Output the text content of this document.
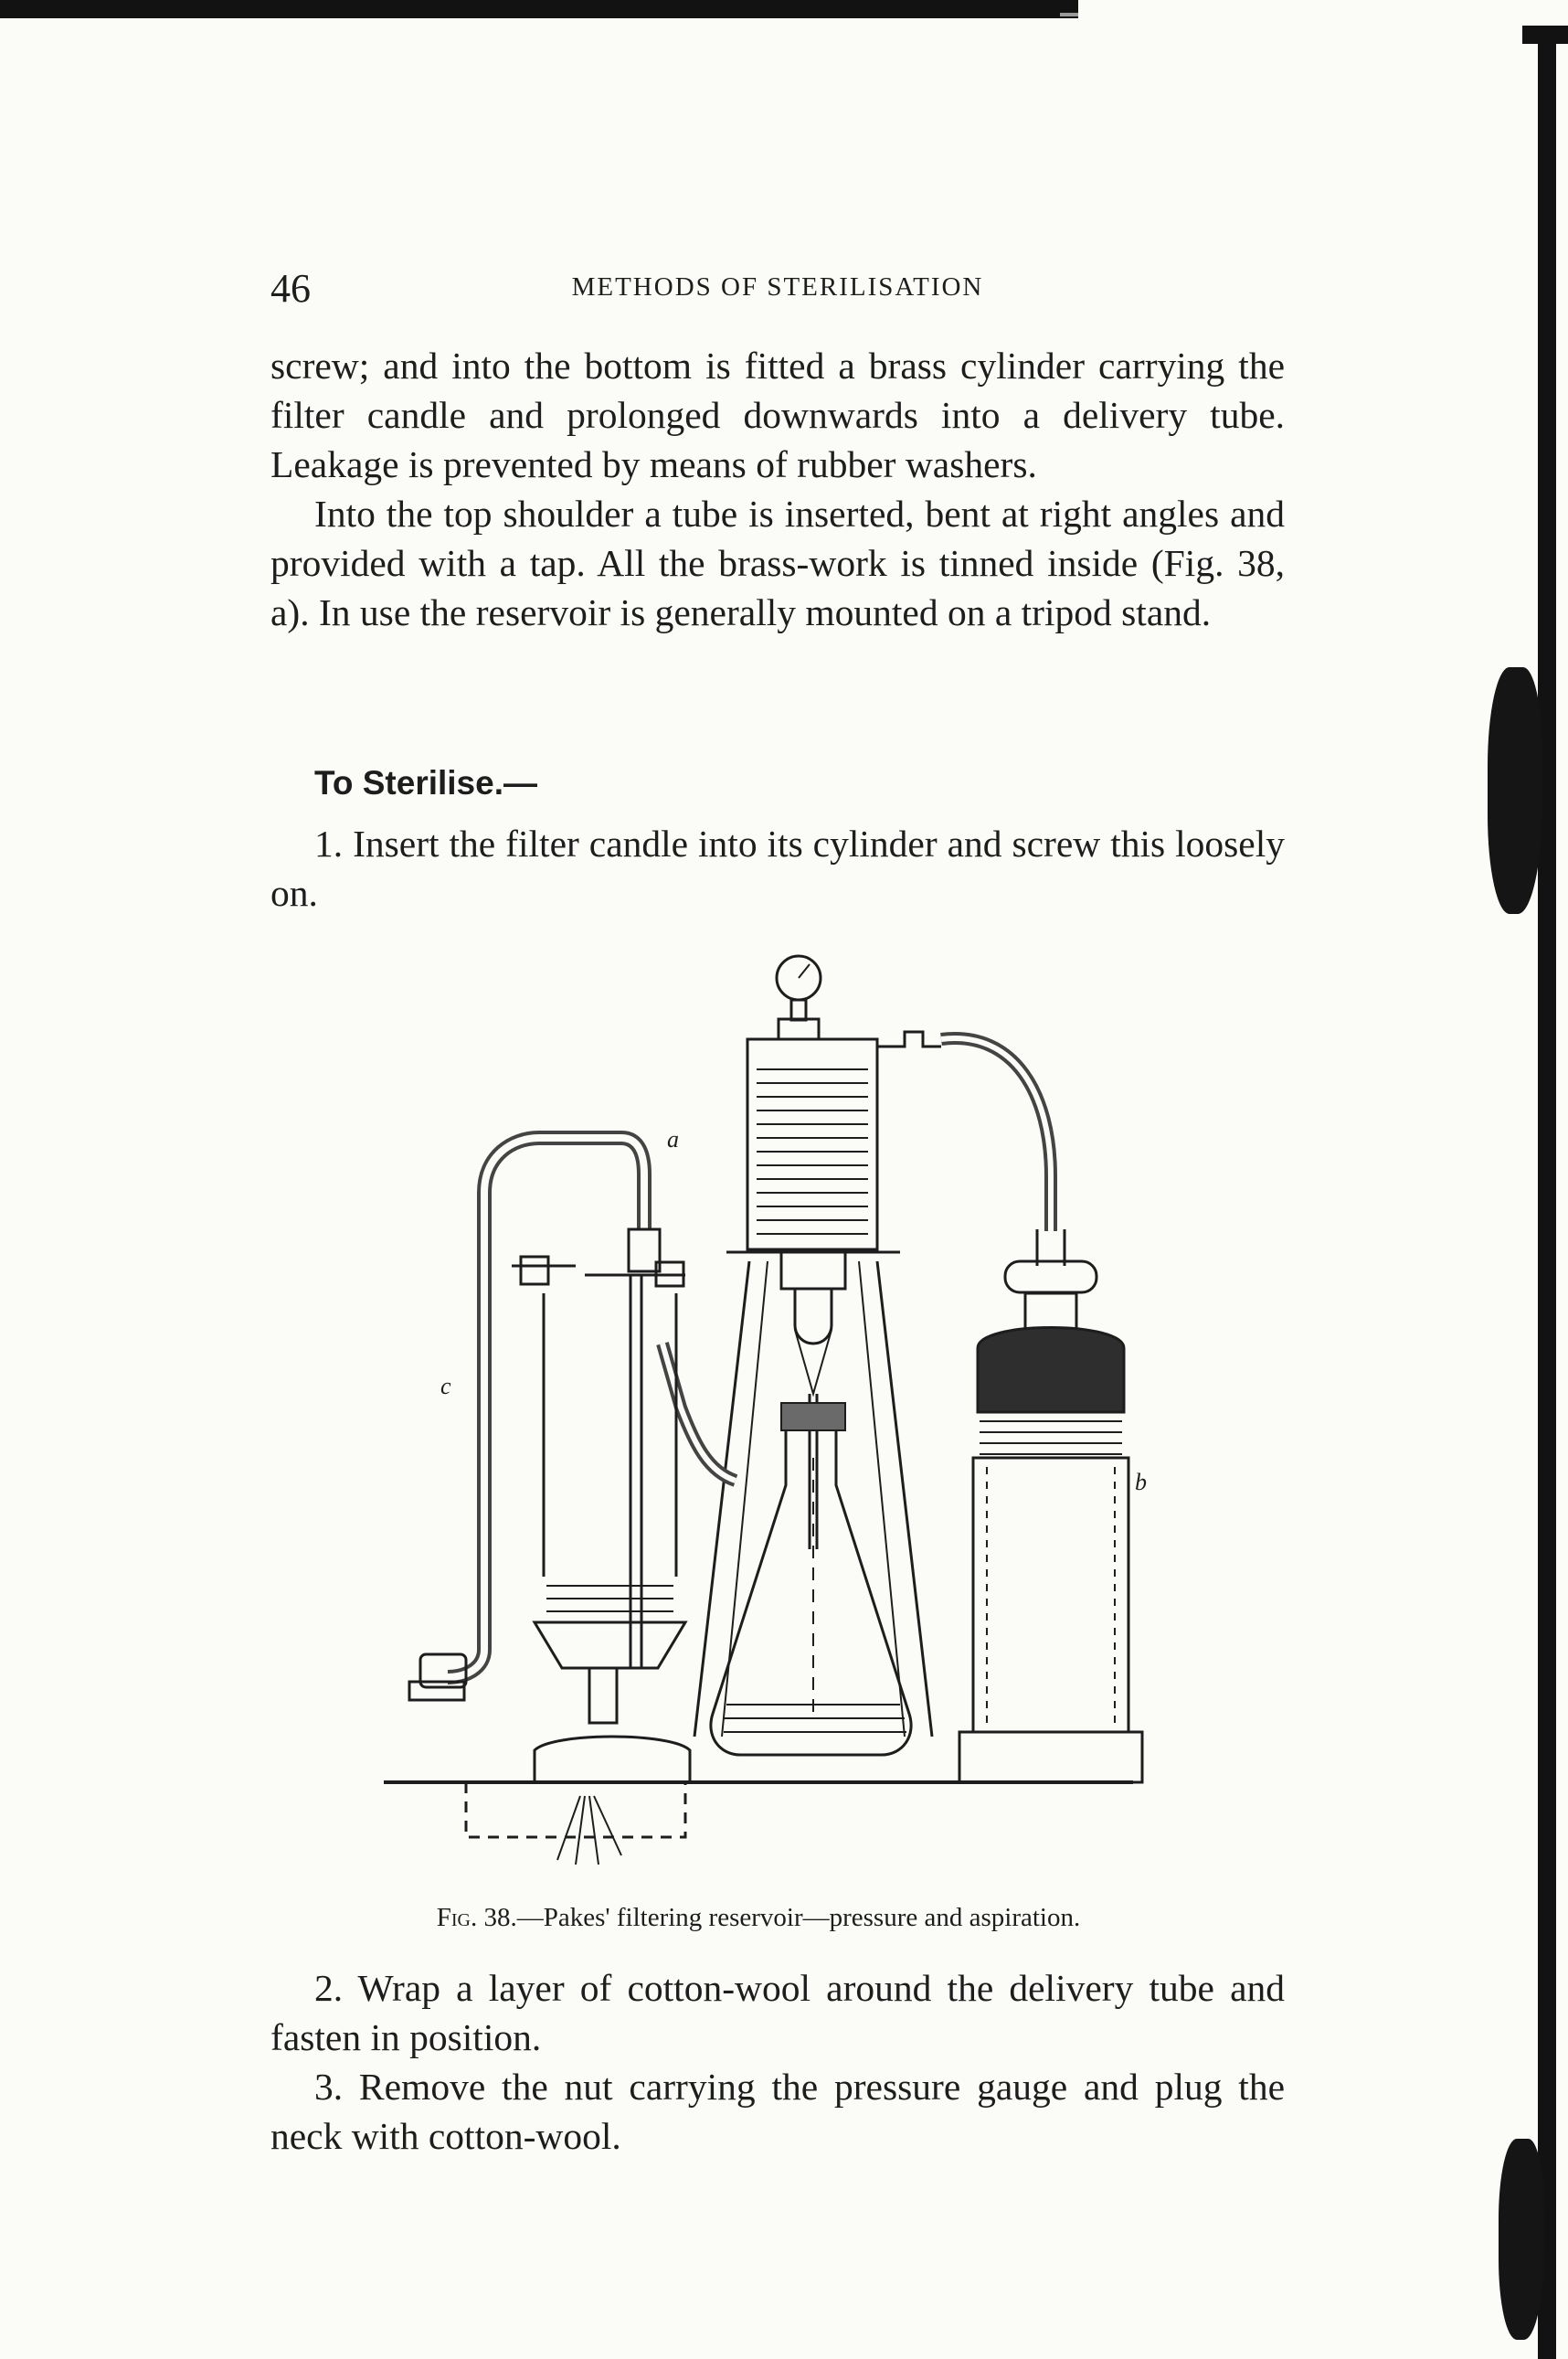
46	METHODS OF STERILISATION

screw; and into the bottom is fitted a brass cylinder carrying the filter candle and prolonged downwards into a delivery tube. Leakage is prevented by means of rubber washers.

Into the top shoulder a tube is inserted, bent at right angles and provided with a tap. All the brass-work is tinned inside (Fig. 38, a). In use the reservoir is generally mounted on a tripod stand.

To Sterilise.—

1. Insert the filter candle into its cylinder and screw this loosely on.

a
b
c
Fig. 38.—Pakes' filtering reservoir—pressure and aspiration.

2. Wrap a layer of cotton-wool around the delivery tube and fasten in position.

3. Remove the nut carrying the pressure gauge and plug the neck with cotton-wool.
